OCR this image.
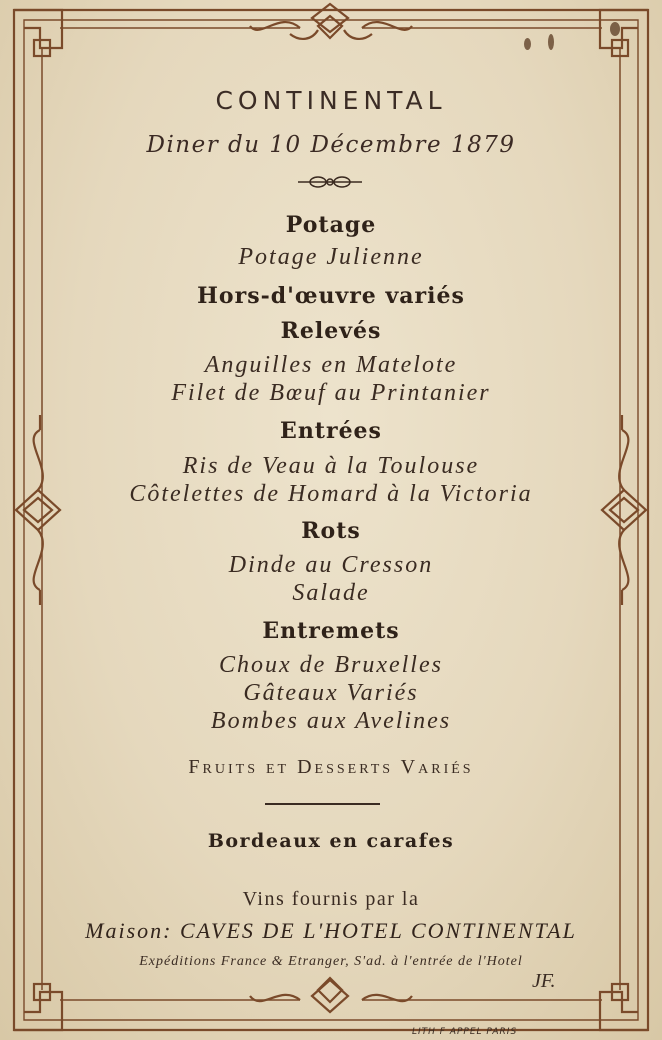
CONTINENTAL
Diner du 10 Décembre 1879
Potage
Potage Julienne
Hors-d'œuvre variés
Relevés
Anguilles en Matelote
Filet de Bœuf au Printanier
Entrées
Ris de Veau à la Toulouse
Côtelettes de Homard à la Victoria
Rots
Dinde au Cresson
Salade
Entremets
Choux de Bruxelles
Gâteaux Variés
Bombes aux Avelines
Fruits et Desserts Variés
Bordeaux en carafes
Vins fournis par la
Maison: CAVES DE L'HOTEL CONTINENTAL
Expéditions France & Etranger, S'ad. à l'entrée de l'Hotel
JF.
LITH F APPEL PARIS
